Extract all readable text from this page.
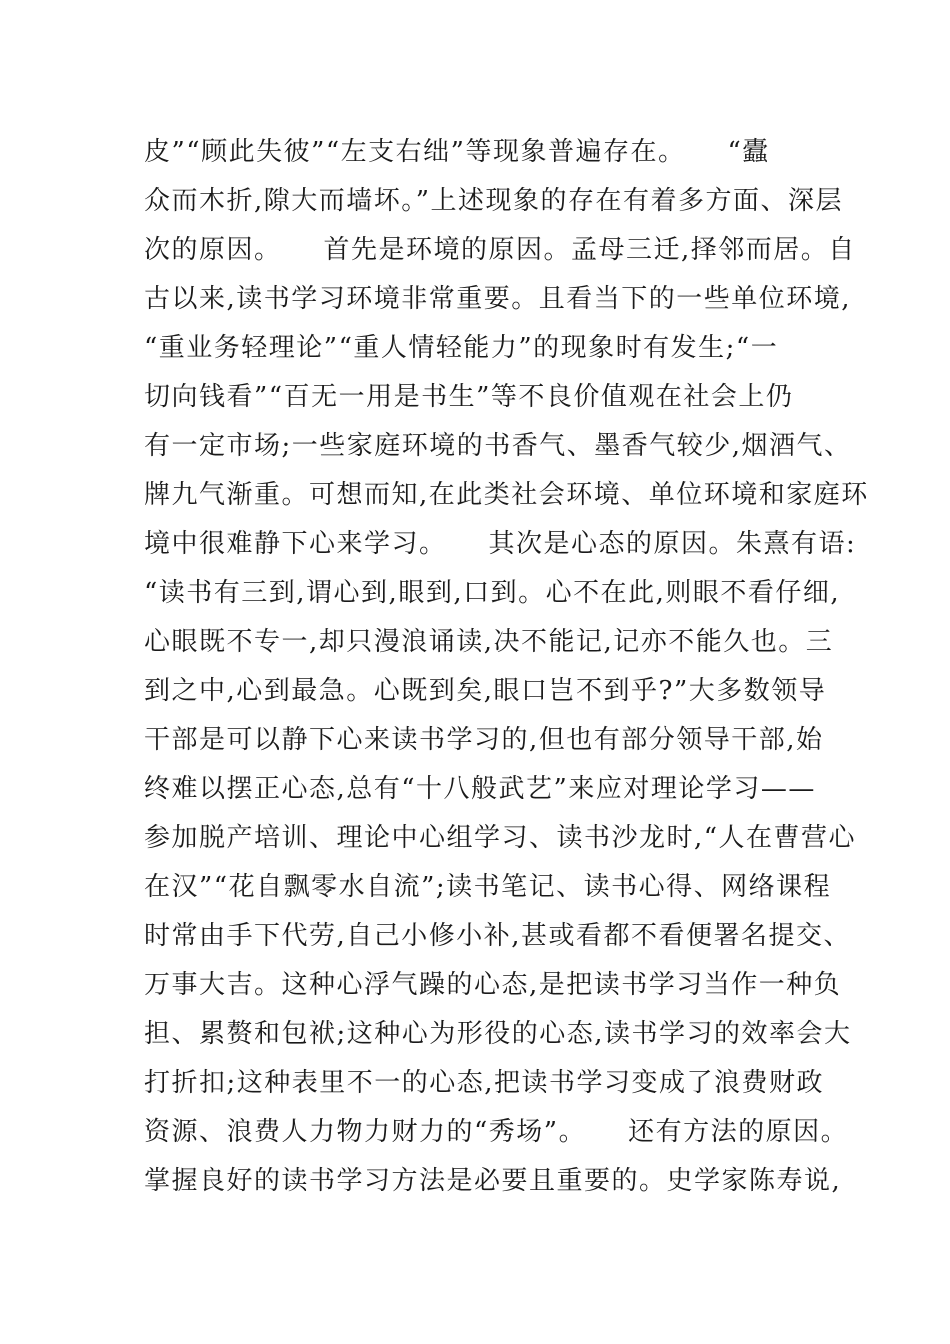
皮”“顾此失彼”“左支右绌”等现象普遍存在。　　“蠹
众而木折,隙大而墙坏。”上述现象的存在有着多方面、深层
次的原因。　　首先是环境的原因。孟母三迁,择邻而居。自
古以来,读书学习环境非常重要。且看当下的一些单位环境,
“重业务轻理论”“重人情轻能力”的现象时有发生;“一
切向钱看”“百无一用是书生”等不良价值观在社会上仍
有一定市场;一些家庭环境的书香气、墨香气较少,烟酒气、
牌九气渐重。可想而知,在此类社会环境、单位环境和家庭环
境中很难静下心来学习。　　其次是心态的原因。朱熹有语:
“读书有三到,谓心到,眼到,口到。心不在此,则眼不看仔细,
心眼既不专一,却只漫浪诵读,决不能记,记亦不能久也。三
到之中,心到最急。心既到矣,眼口岂不到乎?”大多数领导
干部是可以静下心来读书学习的,但也有部分领导干部,始
终难以摆正心态,总有“十八般武艺”来应对理论学习——
参加脱产培训、理论中心组学习、读书沙龙时,“人在曹营心
在汉”“花自飘零水自流”;读书笔记、读书心得、网络课程
时常由手下代劳,自己小修小补,甚或看都不看便署名提交、
万事大吉。这种心浮气躁的心态,是把读书学习当作一种负
担、累赘和包袱;这种心为形役的心态,读书学习的效率会大
打折扣;这种表里不一的心态,把读书学习变成了浪费财政
资源、浪费人力物力财力的“秀场”。　　还有方法的原因。
掌握良好的读书学习方法是必要且重要的。史学家陈寿说,
